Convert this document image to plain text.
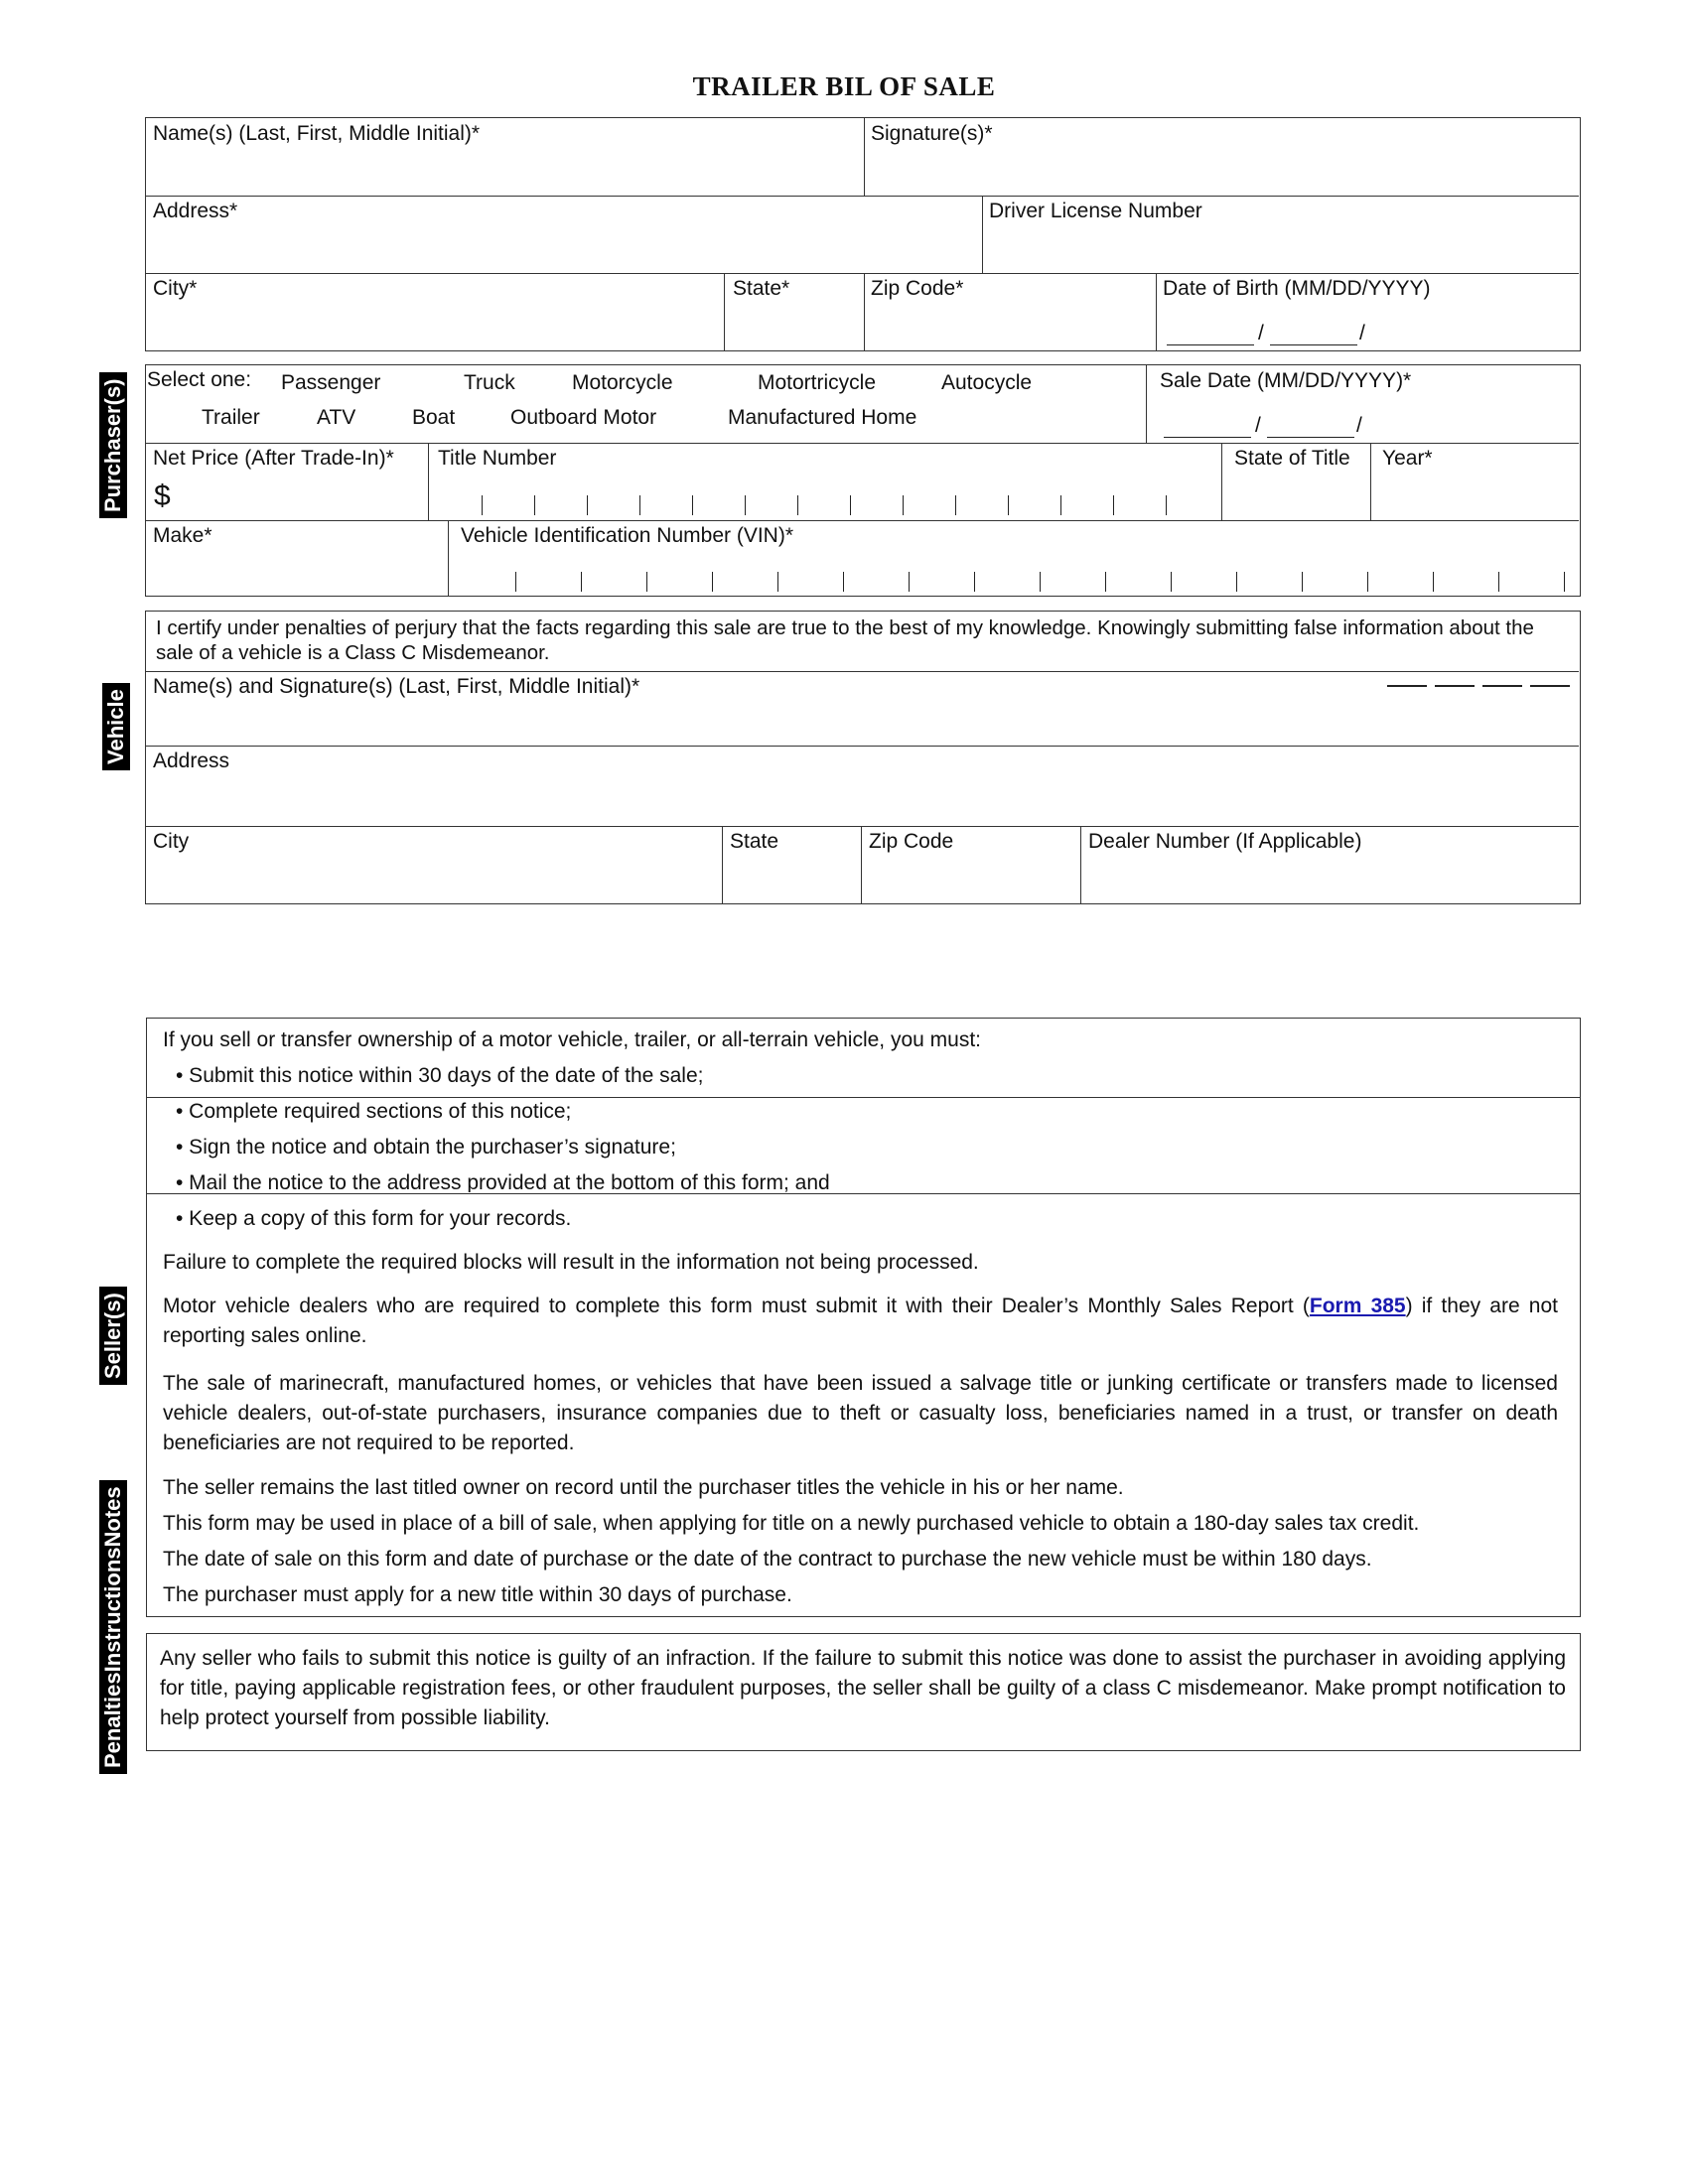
TRAILER BIL OF SALE
Purchaser(s)
Vehicle
Seller(s)
PenaltiesInstructionsNotes
Name(s) (Last, First, Middle Initial)*	Signature(s)*
Address*	Driver License Number
City*	State*	Zip Code*	Date of Birth (MM/DD/YYYY)
/	/
Select one: Passenger	Truck	Motorcycle	Motortricycle	Autocycle
Trailer	ATV	Boat	Outboard Motor	Manufactured Home
Sale Date (MM/DD/YYYY)*
/	/
Net Price (After Trade-In)*
$
Title Number	State of Title Year*
Make*	Vehicle Identification Number (VIN)*
I certify under penalties of perjury that the facts regarding this sale are true to the best of my knowledge. Knowingly submitting false information about the sale of a vehicle is a Class C Misdemeanor.
Name(s) and Signature(s) (Last, First, Middle Initial)*
Address
City	State	Zip Code	Dealer Number (If Applicable)
If you sell or transfer ownership of a motor vehicle, trailer, or all-terrain vehicle, you must:
• Submit this notice within 30 days of the date of the sale;
• Complete required sections of this notice;
• Sign the notice and obtain the purchaser’s signature;
• Mail the notice to the address provided at the bottom of this form; and
• Keep a copy of this form for your records.
Failure to complete the required blocks will result in the information not being processed.
Motor vehicle dealers who are required to complete this form must submit it with their Dealer’s Monthly Sales Report (Form 385) if they are not reporting sales online.
The sale of marinecraft, manufactured homes, or vehicles that have been issued a salvage title or junking certificate or transfers made to licensed vehicle dealers, out-of-state purchasers, insurance companies due to theft or casualty loss, beneficiaries named in a trust, or transfer on death beneficiaries are not required to be reported.
The seller remains the last titled owner on record until the purchaser titles the vehicle in his or her name.
This form may be used in place of a bill of sale, when applying for title on a newly purchased vehicle to obtain a 180-day sales tax credit.
The date of sale on this form and date of purchase or the date of the contract to purchase the new vehicle must be within 180 days.
The purchaser must apply for a new title within 30 days of purchase.
Any seller who fails to submit this notice is guilty of an infraction. If the failure to submit this notice was done to assist the purchaser in avoiding applying for title, paying applicable registration fees, or other fraudulent purposes, the seller shall be guilty of a class C misdemeanor. Make prompt notification to help protect yourself from possible liability.
